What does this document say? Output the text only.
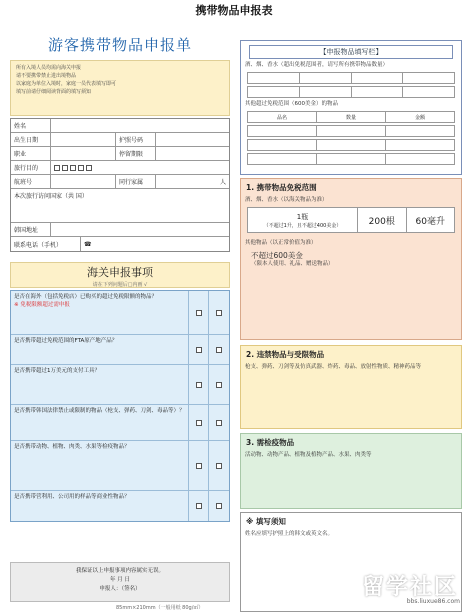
携带物品申报表
游客携带物品申报单
所有入境人员均需向海关申报
请不要携带禁止进出境物品
以家庭为单位入境时，家庭一员代表填写即可
填写前请仔细阅读背面的填写须知
姓名
出生日期	护照号码
职业	停留期限
旅行目的

航班号	同行家属	人
本次旅行访问国家（共 国）
韩国地址
联系电话（手机）	☎
海关申报事项
请在下列问题后□内画 √
是否在海外（包括免税店）已购买的超过免税限额的物品？
※ 免税限额超过需申报
是否携带超过免税范围的FTA原产地产品？
是否携带超过1万美元的支付工具？
是否携带韩国法律禁止或限制的物品（枪支、弹药、刀剑、毒品等）？
是否携带动物、植物、肉类、水果等检疫物品？
是否携带营利用、公司用的样品等商业性物品？
我保证以上申报事项内容属实无误。
年 月 日
申报人：（签名）
85mm×210mm（一般用纸 80g/㎡）
【申报物品填写栏】
酒、烟、香水（超出免税范围者，请写所有携带物品数量）
其他超过免税范围（600美金）的物品
品名	数量	金额
1. 携带物品免税范围
酒、烟、香水（以海关物品为准）
1瓶
（不超过1升，且不超过400美金）	200根	60毫升
其他物品（以正常价值为准）
不超过600美金
（限本人使用、礼品、赠送物品）
2. 违禁物品与受限物品
枪支、弹药、刀剑等及仿真武器、炸药、毒品、放射性物质、精神药品等
3. 需检疫物品
活动物、动物产品、植物及植物产品、水果、肉类等
※ 填写须知
姓名应填写护照上的韩文或英文名。
留学社区
bbs.liuxue86.com
